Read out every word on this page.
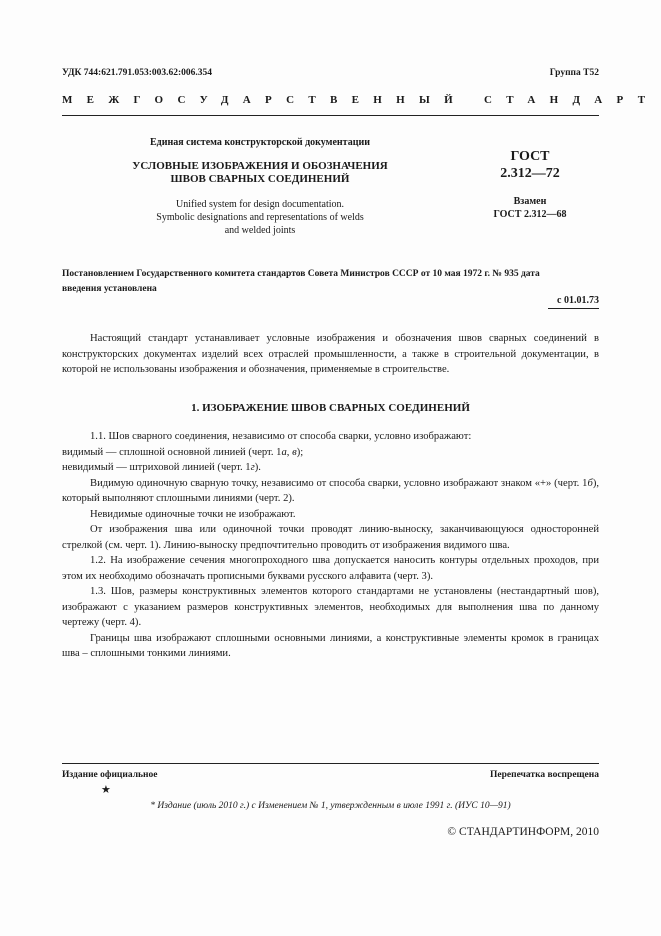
УДК 744:621.791.053:003.62:006.354	Группа Т52
МЕЖГОСУДАРСТВЕННЫЙ СТАНДАРТ
Единая система конструкторской документации
УСЛОВНЫЕ ИЗОБРАЖЕНИЯ И ОБОЗНАЧЕНИЯ
ШВОВ СВАРНЫХ СОЕДИНЕНИЙ
Unified system for design documentation.
Symbolic designations and representations of welds
and welded joints
ГОСТ
2.312—72
Взамен
ГОСТ 2.312—68
Постановлением Государственного комитета стандартов Совета Министров СССР от 10 мая 1972 г. № 935 дата
введения установлена
с 01.01.73

Настоящий стандарт устанавливает условные изображения и обозначения швов сварных соединений в конструкторских документах изделий всех отраслей промышленности, а также в строительной документации, в которой не использованы изображения и обозначения, применяемые в строительстве.

1. ИЗОБРАЖЕНИЕ ШВОВ СВАРНЫХ СОЕДИНЕНИЙ

1.1. Шов сварного соединения, независимо от способа сварки, условно изображают:

видимый — сплошной основной линией (черт. 1а, в);

невидимый — штриховой линией (черт. 1г).

Видимую одиночную сварную точку, независимо от способа сварки, условно изображают знаком «+» (черт. 1б), который выполняют сплошными линиями (черт. 2).

Невидимые одиночные точки не изображают.

От изображения шва или одиночной точки проводят линию-выноску, заканчивающуюся односторонней стрелкой (см. черт. 1). Линию-выноску предпочтительно проводить от изображения видимого шва.

1.2. На изображение сечения многопроходного шва допускается наносить контуры отдельных проходов, при этом их необходимо обозначать прописными буквами русского алфавита (черт. 3).

1.3. Шов, размеры конструктивных элементов которого стандартами не установлены (нестандартный шов), изображают с указанием размеров конструктивных элементов, необходимых для выполнения шва по данному чертежу (черт. 4).

Границы шва изображают сплошными основными линиями, а конструктивные элементы кромок в границах шва – сплошными тонкими линиями.

Издание официальное
★
Перепечатка воспрещена
* Издание (июль 2010 г.) с Изменением № 1, утвержденным в июле 1991 г. (ИУС 10—91)
© СТАНДАРТИНФОРМ, 2010
